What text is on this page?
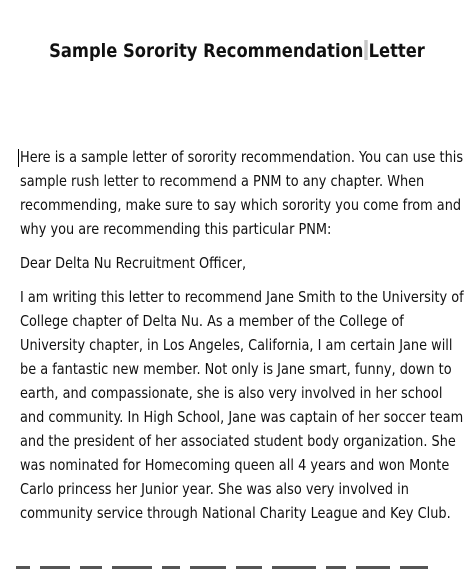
Sample Sorority Recommendation Letter
Here is a sample letter of sorority recommendation. You can use this
sample rush letter to recommend a PNM to any chapter. When
recommending, make sure to say which sorority you come from and
why you are recommending this particular PNM:
Dear Delta Nu Recruitment Officer,
I am writing this letter to recommend Jane Smith to the University of
College chapter of Delta Nu. As a member of the College of
University chapter, in Los Angeles, California, I am certain Jane will
be a fantastic new member. Not only is Jane smart, funny, down to
earth, and compassionate, she is also very involved in her school
and community. In High School, Jane was captain of her soccer team
and the president of her associated student body organization. She
was nominated for Homecoming queen all 4 years and won Monte
Carlo princess her Junior year. She was also very involved in
community service through National Charity League and Key Club.
